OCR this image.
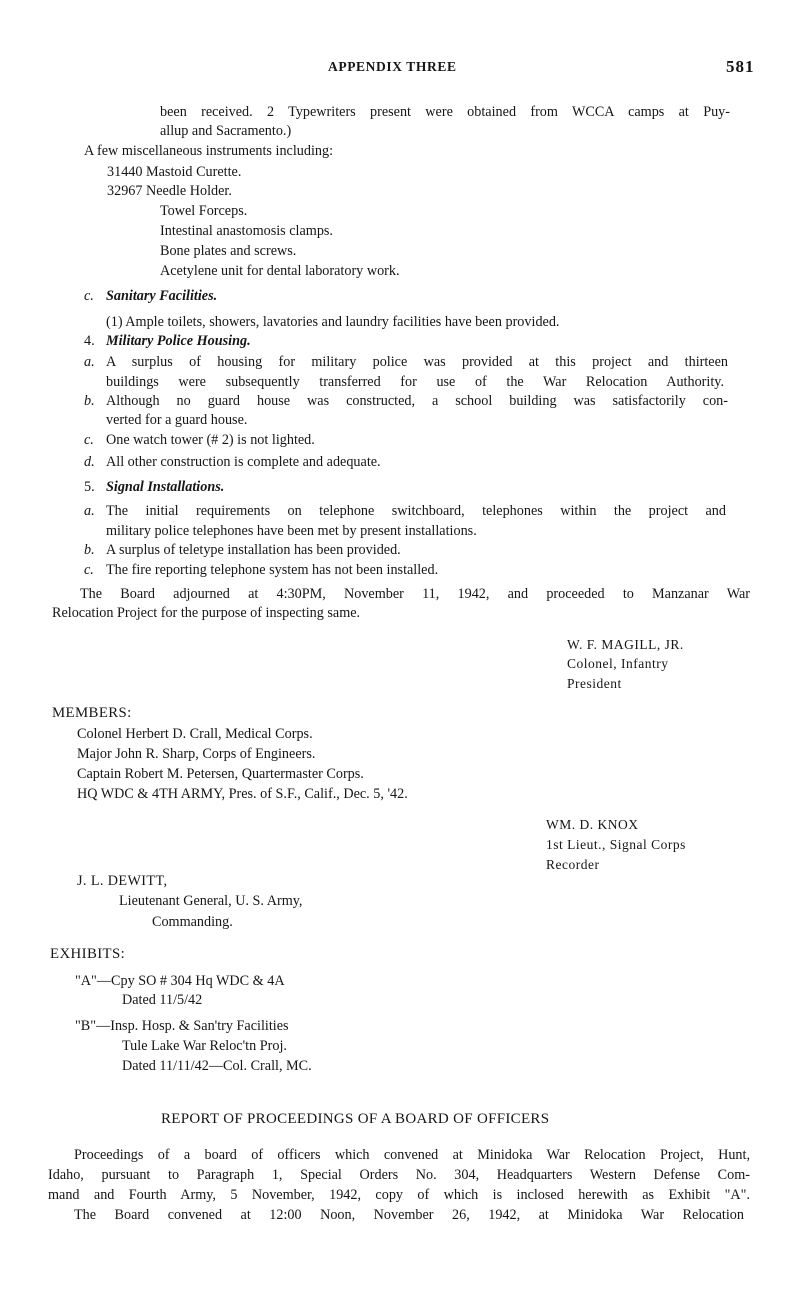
APPENDIX THREE	581
been received. 2 Typewriters present were obtained from WCCA camps at Puy-
allup and Sacramento.)
A few miscellaneous instruments including:
31440 Mastoid Curette.
32967 Needle Holder.
Towel Forceps.
Intestinal anastomosis clamps.
Bone plates and screws.
Acetylene unit for dental laboratory work.
c. Sanitary Facilities.
(1) Ample toilets, showers, lavatories and laundry facilities have been provided.
4. Military Police Housing.
a. A surplus of housing for military police was provided at this project and thirteen
buildings were subsequently transferred for use of the War Relocation Authority.
b. Although no guard house was constructed, a school building was satisfactorily con-
verted for a guard house.
c. One watch tower (# 2) is not lighted.
d. All other construction is complete and adequate.
5. Signal Installations.
a. The initial requirements on telephone switchboard, telephones within the project and
military police telephones have been met by present installations.
b. A surplus of teletype installation has been provided.
c. The fire reporting telephone system has not been installed.
The Board adjourned at 4:30PM, November 11, 1942, and proceeded to Manzanar War
Relocation Project for the purpose of inspecting same.
W. F. MAGILL, JR.
Colonel, Infantry
President
MEMBERS:
Colonel Herbert D. Crall, Medical Corps.
Major John R. Sharp, Corps of Engineers.
Captain Robert M. Petersen, Quartermaster Corps.
HQ WDC & 4TH ARMY, Pres. of S.F., Calif., Dec. 5, '42.
WM. D. KNOX
1st Lieut., Signal Corps
Recorder
J. L. DEWITT,
Lieutenant General, U. S. Army,
Commanding.
EXHIBITS:
"A"—Cpy SO # 304 Hq WDC & 4A
Dated 11/5/42
"B"—Insp. Hosp. & San'try Facilities
Tule Lake War Reloc'tn Proj.
Dated 11/11/42—Col. Crall, MC.
REPORT OF PROCEEDINGS OF A BOARD OF OFFICERS
Proceedings of a board of officers which convened at Minidoka War Relocation Project, Hunt,
Idaho, pursuant to Paragraph 1, Special Orders No. 304, Headquarters Western Defense Com-
mand and Fourth Army, 5 November, 1942, copy of which is inclosed herewith as Exhibit "A".
The Board convened at 12:00 Noon, November 26, 1942, at Minidoka War Relocation
